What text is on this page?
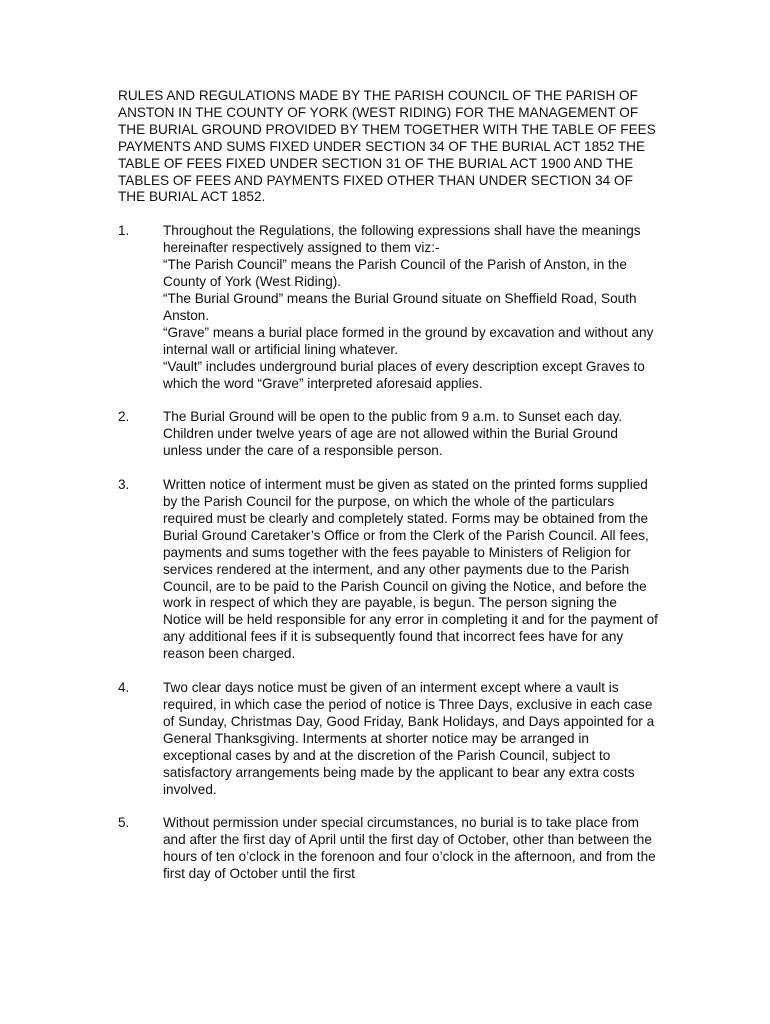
RULES AND REGULATIONS MADE BY THE PARISH COUNCIL OF THE PARISH OF ANSTON IN THE COUNTY OF YORK (WEST RIDING) FOR THE MANAGEMENT OF THE BURIAL GROUND PROVIDED BY THEM TOGETHER WITH THE TABLE OF FEES PAYMENTS AND SUMS FIXED UNDER SECTION 34 OF THE BURIAL ACT 1852 THE TABLE OF FEES FIXED UNDER SECTION 31 OF THE BURIAL ACT 1900 AND THE TABLES OF FEES AND PAYMENTS FIXED OTHER THAN UNDER SECTION 34 OF THE BURIAL ACT 1852.

1.	Throughout the Regulations, the following expressions shall have the meanings hereinafter respectively assigned to them viz:-
“The Parish Council” means the Parish Council of the Parish of Anston, in the County of York (West Riding).
“The Burial Ground” means the Burial Ground situate on Sheffield Road, South Anston.
“Grave” means a burial place formed in the ground by excavation and without any internal wall or artificial lining whatever.
“Vault” includes underground burial places of every description except Graves to which the word “Grave” interpreted aforesaid applies.
2.	The Burial Ground will be open to the public from 9 a.m. to Sunset each day. Children under twelve years of age are not allowed within the Burial Ground unless under the care of a responsible person.
3.	Written notice of interment must be given as stated on the printed forms supplied by the Parish Council for the purpose, on which the whole of the particulars required must be clearly and completely stated. Forms may be obtained from the Burial Ground Caretaker’s Office or from the Clerk of the Parish Council. All fees, payments and sums together with the fees payable to Ministers of Religion for services rendered at the interment, and any other payments due to the Parish Council, are to be paid to the Parish Council on giving the Notice, and before the work in respect of which they are payable, is begun. The person signing the Notice will be held responsible for any error in completing it and for the payment of any additional fees if it is subsequently found that incorrect fees have for any reason been charged.
4.	Two clear days notice must be given of an interment except where a vault is required, in which case the period of notice is Three Days, exclusive in each case of Sunday, Christmas Day, Good Friday, Bank Holidays, and Days appointed for a General Thanksgiving. Interments at shorter notice may be arranged in exceptional cases by and at the discretion of the Parish Council, subject to satisfactory arrangements being made by the applicant to bear any extra costs involved.
5.	Without permission under special circumstances, no burial is to take place from and after the first day of April until the first day of October, other than between the hours of ten o’clock in the forenoon and four o’clock in the afternoon, and from the first day of October until the first
